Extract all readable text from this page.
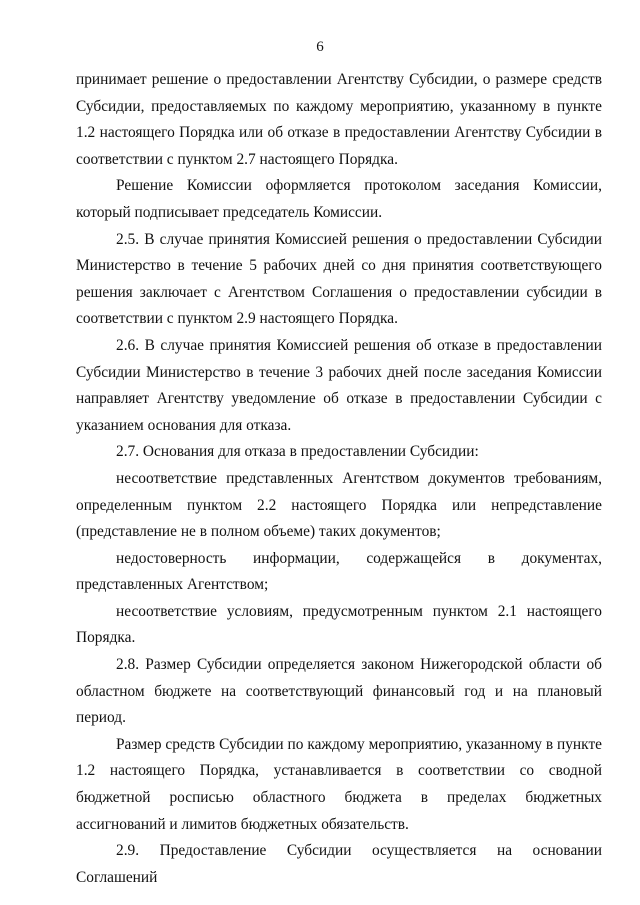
6

принимает решение о предоставлении Агентству Субсидии, о размере средств Субсидии, предоставляемых по каждому мероприятию, указанному в пункте 1.2 настоящего Порядка или об отказе в предоставлении Агентству Субсидии в соответствии с пунктом 2.7 настоящего Порядка.

Решение Комиссии оформляется протоколом заседания Комиссии, который подписывает председатель Комиссии.

2.5. В случае принятия Комиссией решения о предоставлении Субсидии Министерство в течение 5 рабочих дней со дня принятия соответствующего решения заключает с Агентством Соглашения о предоставлении субсидии в соответствии с пунктом 2.9 настоящего Порядка.

2.6. В случае принятия Комиссией решения об отказе в предоставлении Субсидии Министерство в течение 3 рабочих дней после заседания Комиссии направляет Агентству уведомление об отказе в предоставлении Субсидии с указанием основания для отказа.

2.7. Основания для отказа в предоставлении Субсидии:

несоответствие представленных Агентством документов требованиям, определенным пунктом 2.2 настоящего Порядка или непредставление (представление не в полном объеме) таких документов;

недостоверность информации, содержащейся в документах, представленных Агентством;

несоответствие условиям, предусмотренным пунктом 2.1 настоящего Порядка.

2.8. Размер Субсидии определяется законом Нижегородской области об областном бюджете на соответствующий финансовый год и на плановый период.

Размер средств Субсидии по каждому мероприятию, указанному в пункте 1.2 настоящего Порядка, устанавливается в соответствии со сводной бюджетной росписью областного бюджета в пределах бюджетных ассигнований и лимитов бюджетных обязательств.

2.9. Предоставление Субсидии осуществляется на основании Соглашений
